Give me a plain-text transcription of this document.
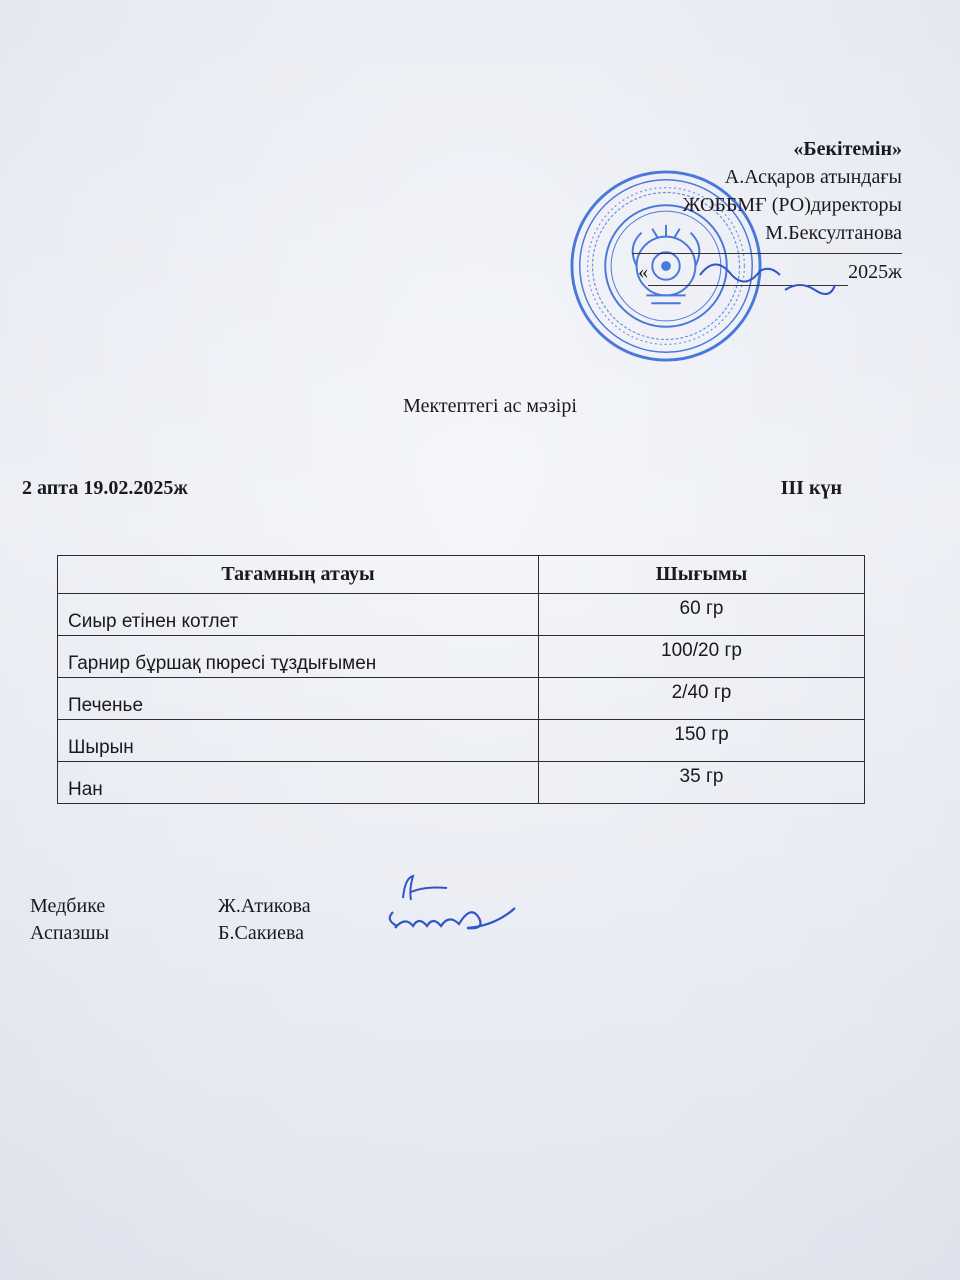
«Бекітемін»
А.Асқаров атындағы
ЖОББМҒ (РО)директоры
М.Бексултанова
«	2025ж
Мектептегі ас мәзірі
2 апта 19.02.2025ж	ІІІ күн
Тағамның атауы	Шығымы
Сиыр етінен котлет	60 гр
Гарнир бұршақ пюресі тұздығымен	100/20 гр
Печенье	2/40 гр
Шырын	150 гр
Нан	35 гр
Медбике	Ж.Атикова
Аспазшы	Б.Сакиева
